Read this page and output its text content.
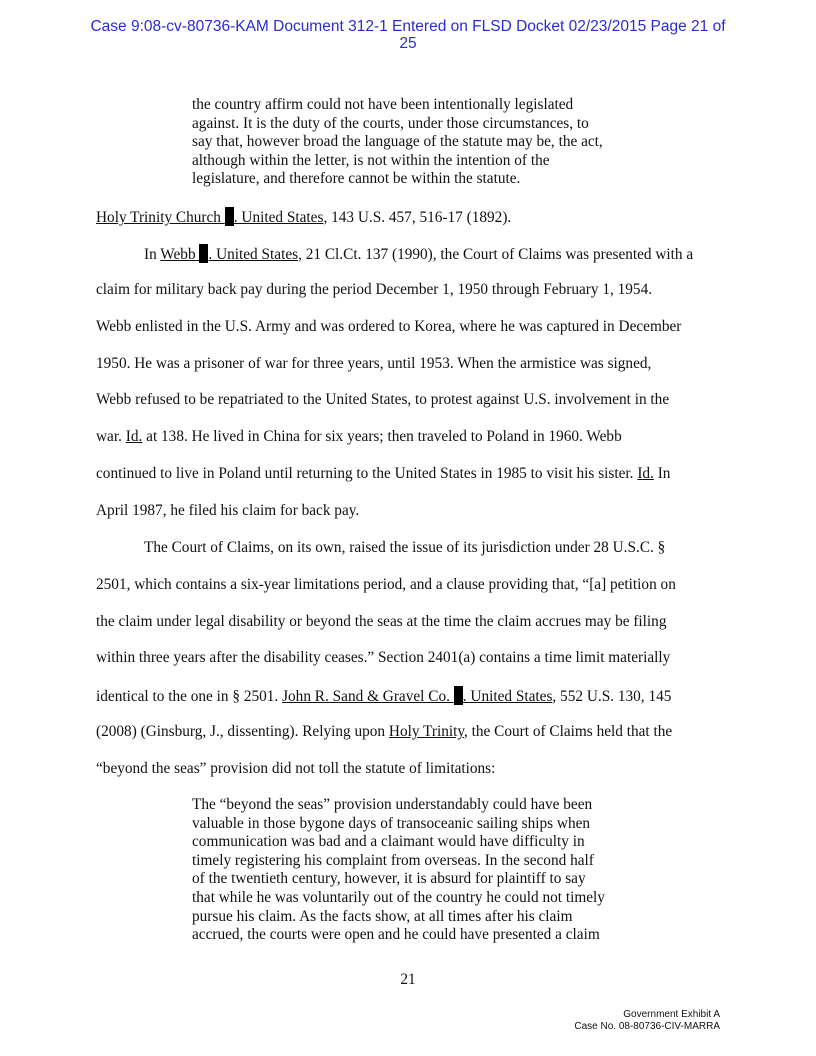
Case 9:08-cv-80736-KAM Document 312-1 Entered on FLSD Docket 02/23/2015 Page 21 of
25
the country affirm could not have been intentionally legislated
against. It is the duty of the courts, under those circumstances, to
say that, however broad the language of the statute may be, the act,
although within the letter, is not within the intention of the
legislature, and therefore cannot be within the statute.
Holy Trinity Church . United States, 143 U.S. 457, 516-17 (1892).
In Webb . United States, 21 Cl.Ct. 137 (1990), the Court of Claims was presented with a
claim for military back pay during the period December 1, 1950 through February 1, 1954.
Webb enlisted in the U.S. Army and was ordered to Korea, where he was captured in December
1950. He was a prisoner of war for three years, until 1953. When the armistice was signed,
Webb refused to be repatriated to the United States, to protest against U.S. involvement in the
war. Id. at 138. He lived in China for six years; then traveled to Poland in 1960. Webb
continued to live in Poland until returning to the United States in 1985 to visit his sister. Id. In
April 1987, he filed his claim for back pay.
The Court of Claims, on its own, raised the issue of its jurisdiction under 28 U.S.C. §
2501, which contains a six-year limitations period, and a clause providing that, “[a] petition on
the claim under legal disability or beyond the seas at the time the claim accrues may be filing
within three years after the disability ceases.” Section 2401(a) contains a time limit materially
identical to the one in § 2501. John R. Sand & Gravel Co. . United States, 552 U.S. 130, 145
(2008) (Ginsburg, J., dissenting). Relying upon Holy Trinity, the Court of Claims held that the
“beyond the seas” provision did not toll the statute of limitations:
The “beyond the seas” provision understandably could have been
valuable in those bygone days of transoceanic sailing ships when
communication was bad and a claimant would have difficulty in
timely registering his complaint from overseas. In the second half
of the twentieth century, however, it is absurd for plaintiff to say
that while he was voluntarily out of the country he could not timely
pursue his claim. As the facts show, at all times after his claim
accrued, the courts were open and he could have presented a claim
21
Government Exhibit A
Case No. 08-80736-CIV-MARRA
